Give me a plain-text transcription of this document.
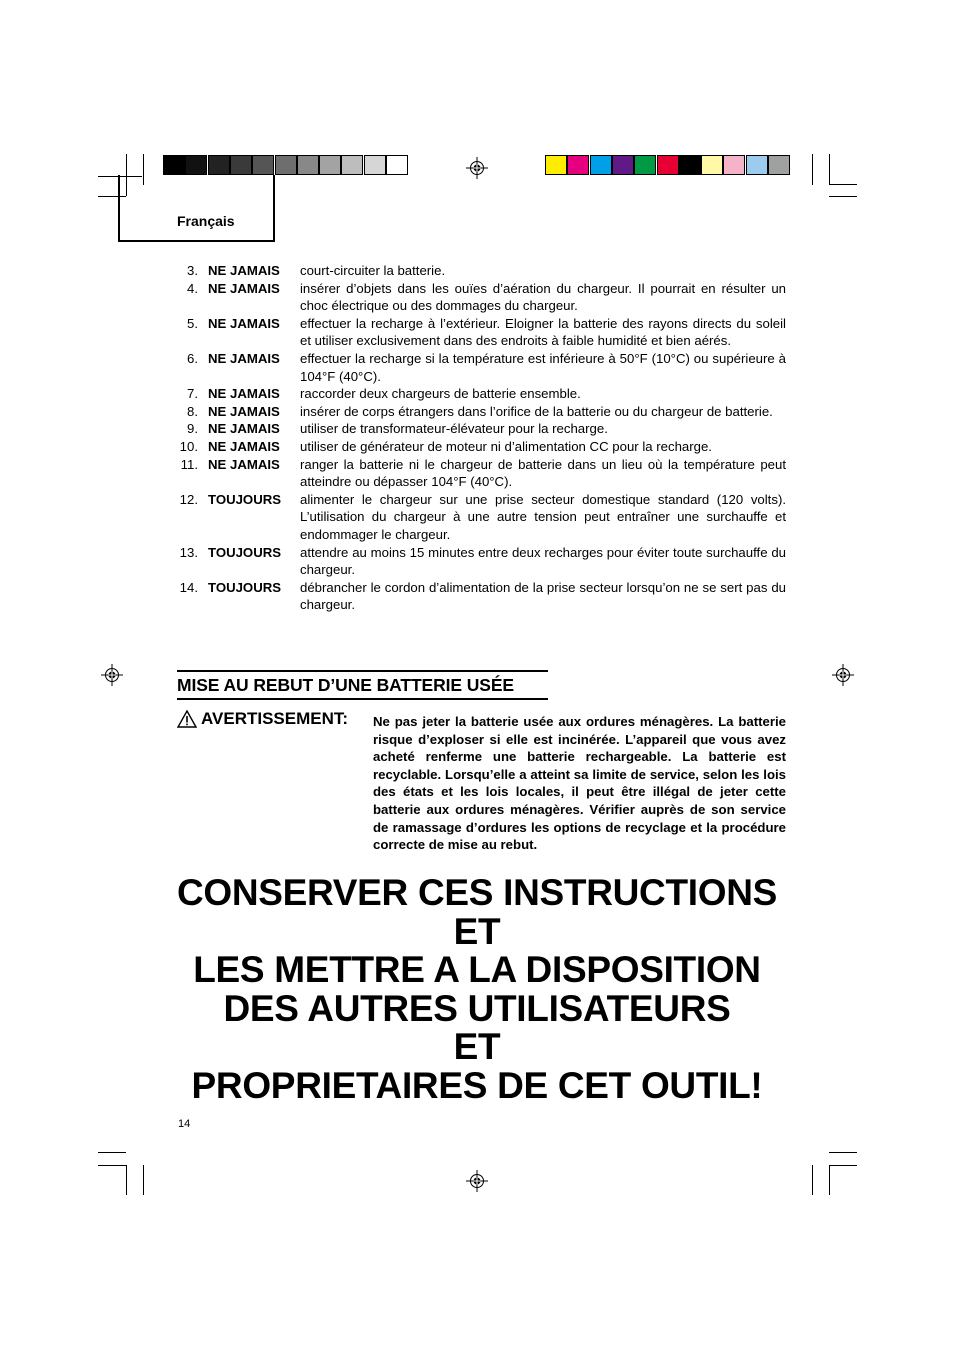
Français
3. NE JAMAIS	court-circuiter la batterie.
4. NE JAMAIS	insérer d’objets dans les ouïes d’aération du chargeur. Il pourrait en résulter un choc électrique ou des dommages du chargeur.
5. NE JAMAIS	effectuer la recharge à l’extérieur. Eloigner la batterie des rayons directs du soleil et utiliser exclusivement dans des endroits à faible humidité et bien aérés.
6. NE JAMAIS	effectuer la recharge si la température est inférieure à 50°F (10°C) ou supérieure à 104°F (40°C).
7. NE JAMAIS	raccorder deux chargeurs de batterie ensemble.
8. NE JAMAIS	insérer de corps étrangers dans l’orifice de la batterie ou du chargeur de batterie.
9. NE JAMAIS	utiliser de transformateur-élévateur pour la recharge.
10. NE JAMAIS	utiliser de générateur de moteur ni d’alimentation CC pour la recharge.
11. NE JAMAIS	ranger la batterie ni le chargeur de batterie dans un lieu où la température peut atteindre ou dépasser 104°F (40°C).
12. TOUJOURS	alimenter le chargeur sur une prise secteur domestique standard (120 volts). L’utilisation du chargeur à une autre tension peut entraîner une surchauffe et endommager le chargeur.
13. TOUJOURS	attendre au moins 15 minutes entre deux recharges pour éviter toute surchauffe du chargeur.
14. TOUJOURS	débrancher le cordon d’alimentation de la prise secteur lorsqu’on ne se sert pas du chargeur.
MISE AU REBUT D’UNE BATTERIE USÉE
AVERTISSEMENT: Ne pas jeter la batterie usée aux ordures ménagères. La batterie risque d’exploser si elle est incinérée. L’appareil que vous avez acheté renferme une batterie rechargeable. La batterie est recyclable. Lorsqu’elle a atteint sa limite de service, selon les lois des états et les lois locales, il peut être illégal de jeter cette batterie aux ordures ménagères. Vérifier auprès de son service de ramassage d’ordures les options de recyclage et la procédure correcte de mise au rebut.
CONSERVER CES INSTRUCTIONS
ET
LES METTRE A LA DISPOSITION
DES AUTRES UTILISATEURS
ET
PROPRIETAIRES DE CET OUTIL!
14
